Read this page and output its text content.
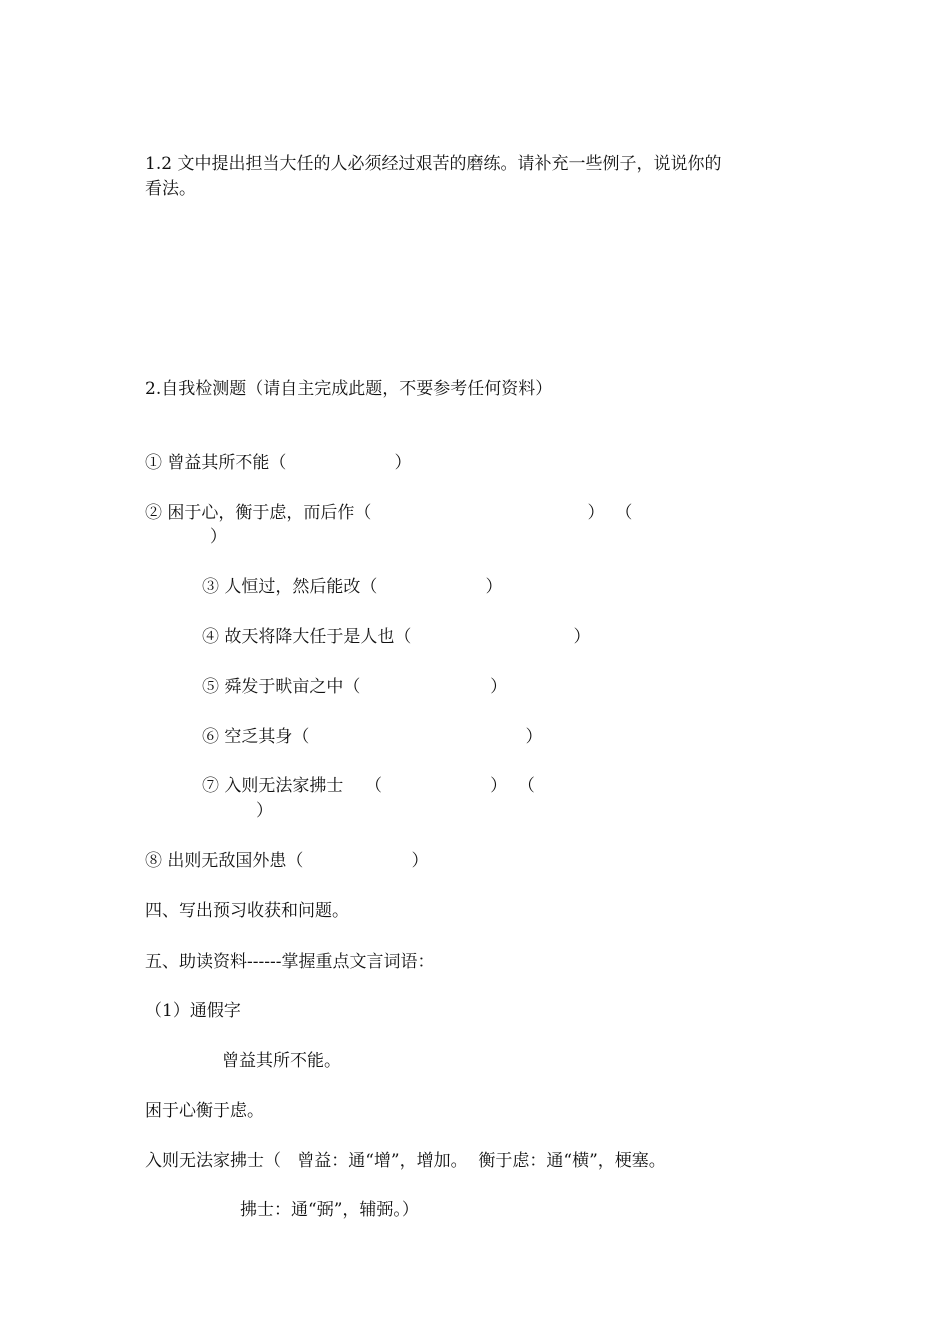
1.2 文中提出担当大任的人必须经过艰苦的磨练。请补充一些例子，说说你的
看法。
2.自我检测题（请自主完成此题，不要参考任何资料）
① 曾益其所不能（                    ）
② 困于心，衡于虑，而后作（                                        ）  （
）
③ 人恒过，然后能改（                    ）
④ 故天将降大任于是人也（                              ）
⑤ 舜发于畎亩之中（                        ）
⑥ 空乏其身（                                        ）
⑦ 入则无法家拂士    （                    ）  （
）
⑧ 出则无敌国外患（                    ）
四、写出预习收获和问题。
五、助读资料------掌握重点文言词语：
（1）通假字
曾益其所不能。
困于心衡于虑。
入则无法家拂士（   曾益：通“增”，增加。  衡于虑：通“横”，梗塞。
拂士：通“弼”，辅弼。）
